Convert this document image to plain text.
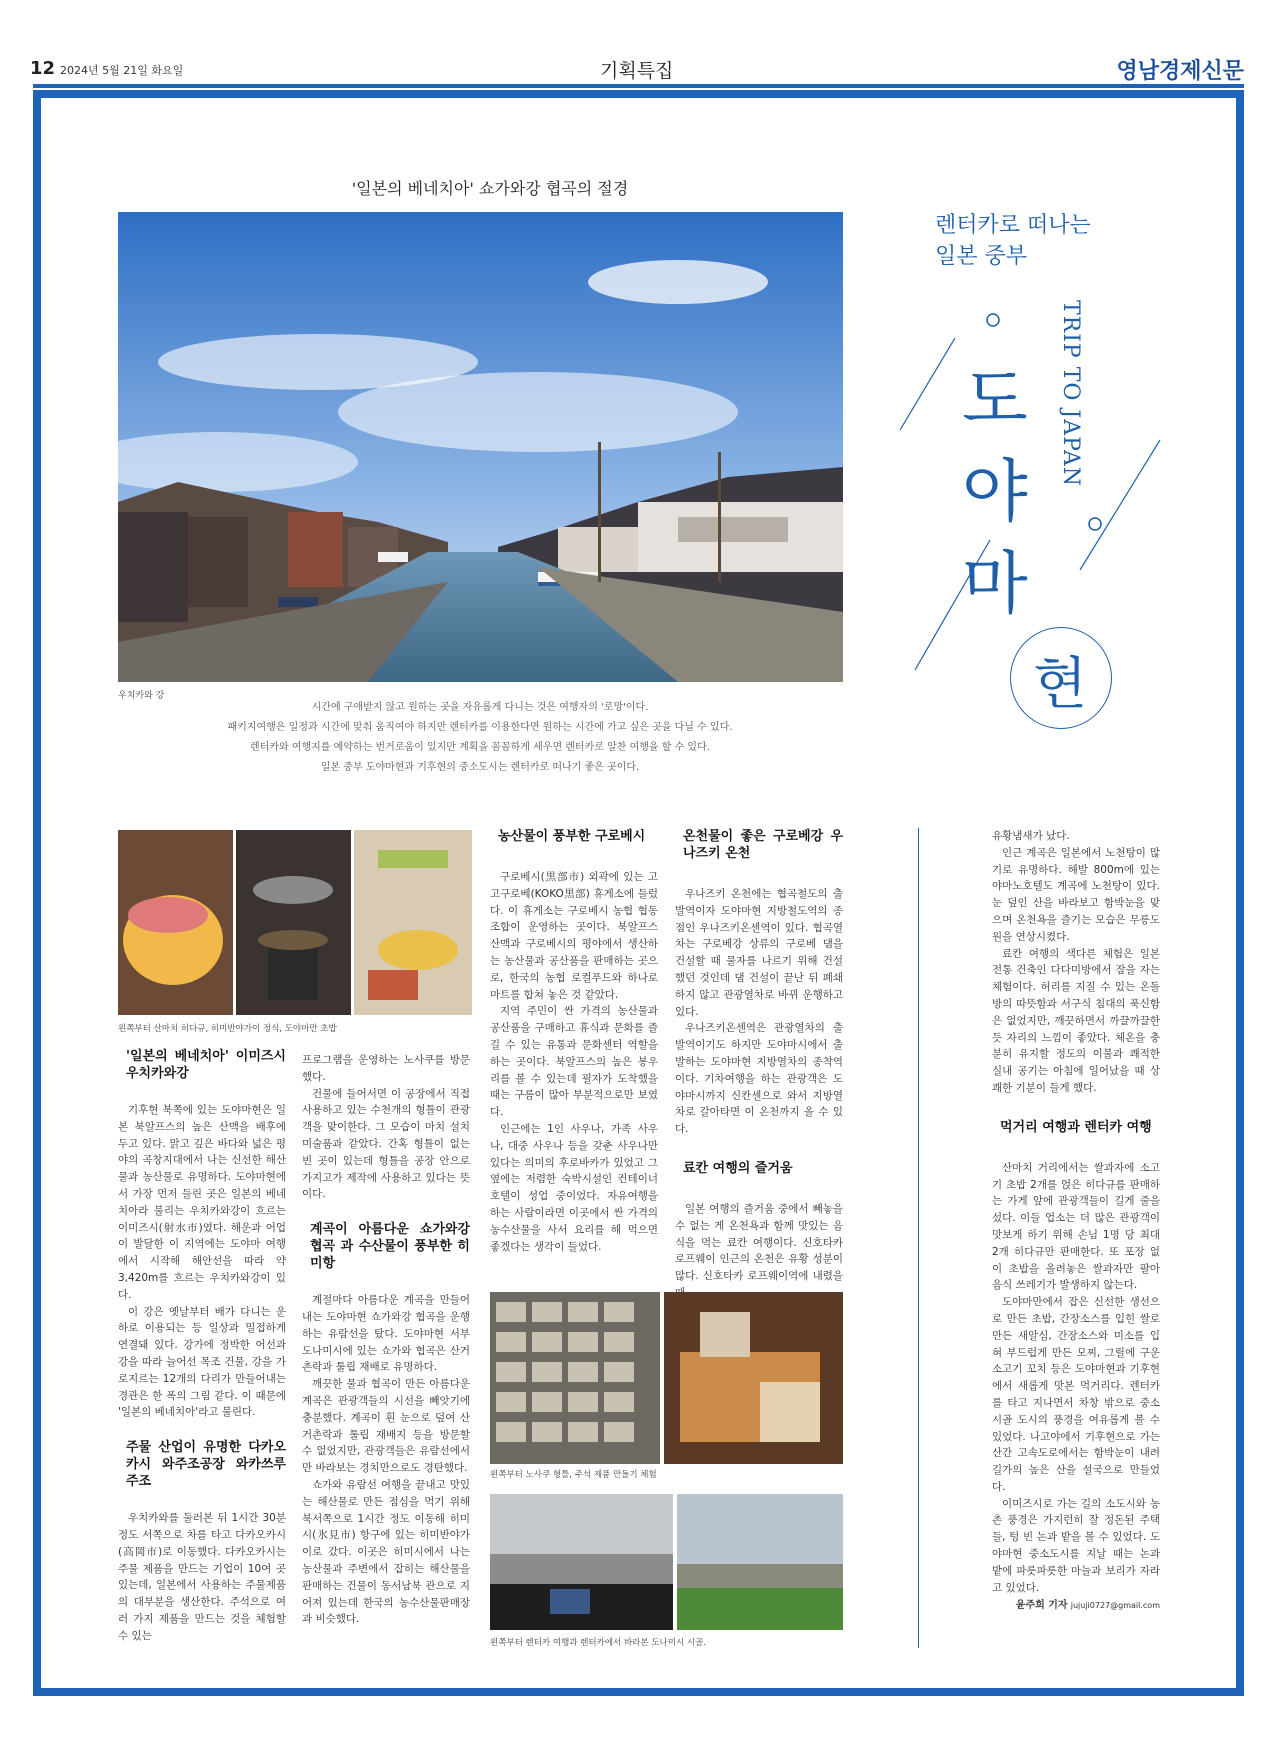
12 2024년 5월 21일 화요일	기획특집	영남경제신문
'일본의 베네치아' 쇼가와강 협곡의 절경
우치카와 강
시간에 구애받지 않고 원하는 곳을 자유롭게 다니는 것은 여행자의 '로망'이다.
패키지여행은 일정과 시간에 맞춰 움직여야 하지만 렌터카를 이용한다면 원하는 시간에 가고 싶은 곳을 다닐 수 있다.
렌터카와 여행지를 예약하는 번거로움이 있지만 계획을 꼼꼼하게 세우면 렌터카로 알찬 여행을 할 수 있다.
일본 중부 도야마현과 기후현의 중소도시는 렌터카로 떠나기 좋은 곳이다.
렌터카로 떠나는
일본 중부
도
야
마
TRIP TO JAPAN
현
왼쪽부터 산마치 히다규, 히미반야가이 정식, 도야마만 초밥
'일본의 베네치아' 이미즈시 우치카와강

기후현 북쪽에 있는 도야마현은 일본 북알프스의 높은 산맥을 배후에 두고 있다. 맑고 깊은 바다와 넓은 평야의 곡창지대에서 나는 신선한 해산물과 농산물로 유명하다. 도야마현에서 가장 먼저 들린 곳은 일본의 베네치아라 불리는 우치카와강이 흐르는 이미즈시(射水市)였다. 해운과 어업이 발달한 이 지역에는 도야마 여행에서 시작해 해안선을 따라 약 3,420m를 흐르는 우치카와강이 있다.

이 강은 옛날부터 배가 다니는 운하로 이용되는 등 일상과 밀접하게 연결돼 있다. 강가에 정박한 어선과 강을 따라 늘어선 목조 건물, 강을 가로지르는 12개의 다리가 만들어내는 경관은 한 폭의 그림 같다. 이 때문에 '일본의 베네치아'라고 불린다.

주물 산업이 유명한 다카오카시 와주조공장 와카쓰루 주조

우치카와를 둘러본 뒤 1시간 30분 정도 서쪽으로 차를 타고 다카오카시(高岡市)로 이동했다. 다카오카시는 주물 제품을 만드는 기업이 10여 곳 있는데, 일본에서 사용하는 주물제품의 대부분을 생산한다. 주석으로 여러 가지 제품을 만드는 것을 체험할 수 있는

프로그램을 운영하는 노사쿠를 방문했다.

건물에 들어서면 이 공장에서 직접 사용하고 있는 수천개의 형틀이 관광객을 맞이한다. 그 모습이 마치 설치미술품과 같았다. 간혹 형틀이 없는 빈 곳이 있는데 형틀을 공장 안으로 가지고가 제작에 사용하고 있다는 뜻이다.

계곡이 아름다운 쇼가와강 협곡 과 수산물이 풍부한 히미항

계절마다 아름다운 계곡을 만들어 내는 도야마현 쇼가와강 협곡을 운행하는 유람선을 탔다. 도야마현 서부 도나미시에 있는 쇼가와 협곡은 산거촌락과 툴립 재배로 유명하다.

깨끗한 물과 협곡이 만든 아름다운 계곡은 관광객들의 시선을 빼앗기에 충분했다. 계곡이 흰 눈으로 덮여 산거촌락과 툴립 재배지 등을 방문할 수 없었지만, 관광객들은 유람선에서만 바라보는 경치만으로도 경탄했다.

쇼가와 유람선 여행을 끝내고 맛있는 해산물로 만든 점심을 먹기 위해 북서쪽으로 1시간 정도 이동해 히미시(氷見市) 항구에 있는 히미반야가이로 갔다. 이곳은 히미시에서 나는 농산물과 주변에서 잡히는 해산물을 판매하는 건물이 동서남북 관으로 지어져 있는데 한국의 농수산물판매장과 비슷했다.

농산물이 풍부한 구로베시

구로베시(黒部市) 외곽에 있는 고고구로베(KOKO黒部) 휴게소에 들렀다. 이 휴게소는 구로베시 농협 협동조합이 운영하는 곳이다. 북알프스 산맥과 구로베시의 평야에서 생산하는 농산물과 공산품을 판매하는 곳으로, 한국의 농협 로컬푸드와 하나로마트를 합쳐 놓은 것 같았다.

지역 주민이 싼 가격의 농산물과 공산품을 구매하고 휴식과 문화를 즐길 수 있는 유통과 문화센터 역할을 하는 곳이다. 북알프스의 높은 봉우리를 볼 수 있는데 필자가 도착했을 때는 구름이 많아 부분적으로만 보였다.

인근에는 1인 사우나, 가족 사우나, 대중 사우나 등을 갖춘 사우나만 있다는 의미의 후로바카가 있었고 그 옆에는 저렴한 숙박시설인 컨테이너 호텔이 성업 중이었다. 자유여행을 하는 사람이라면 이곳에서 싼 가격의 농수산물을 사서 요리를 해 먹으면 좋겠다는 생각이 들었다.

온천물이 좋은 구로베강 우나즈키 온천

우나즈키 온천에는 협곡철도의 출발역이자 도야마현 지방철도역의 종점인 우나즈키온센역이 있다. 협곡열차는 구로베강 상류의 구로베 댐을 건설할 때 물자를 나르기 위해 건설했던 것인데 댐 건설이 끝난 뒤 폐쇄하지 않고 관광열차로 바뀌 운행하고 있다.

우나즈키온센역은 관광열차의 출발역이기도 하지만 도야마시에서 출발하는 도야마현 지방열차의 종착역이다. 기차여행을 하는 관광객은 도야마시까지 신칸센으로 와서 지방열차로 갈아타면 이 온천까지 올 수 있다.

료칸 여행의 즐거움

일본 여행의 즐거움 중에서 빼놓을 수 없는 게 온천욕과 함께 맛있는 음식을 먹는 료칸 여행이다. 신호타카 로프웨이 인근의 온천은 유황 성분이 많다. 신호타카 로프웨이역에 내렸을

왼쪽부터 노사쿠 형틀, 주석 제품 만들기 체험
왼쪽부터 렌터카 여행과 렌터카에서 바라본 도나미시 시골.

유황냄새가 났다.

인근 계곡은 일본에서 노천탕이 많기로 유명하다. 해발 800m에 있는 야마노호텔도 계곡에 노천탕이 있다. 눈 덮인 산을 바라보고 함박눈을 맞으며 온천욕을 즐기는 모습은 무릉도원을 연상시켰다.

료칸 여행의 색다른 체험은 일본 전통 건축인 다다미방에서 잠을 자는 체험이다. 허리를 지질 수 있는 온돌방의 따뜻함과 서구식 침대의 푹신함은 없었지만, 깨끗하면서 까끌까끌한 듯 자리의 느낌이 좋았다. 체온을 충분히 유지할 정도의 이불과 쾌적한 실내 공기는 아침에 일어났을 때 상쾌한 기분이 들게 했다.

먹거리 여행과 렌터카 여행

산마치 거리에서는 쌀과자에 소고기 초밥 2개를 얹은 히다규를 판매하는 가게 앞에 관광객들이 길게 줄을 섰다. 이들 업소는 더 많은 관광객이 맛보게 하기 위해 손님 1명 당 최대 2개 히다규만 판매한다. 또 포장 없이 초밥을 올려놓은 쌀과자만 팔아 음식 쓰레기가 발생하지 않는다.

도야마만에서 잡은 신선한 생선으로 만든 초밥, 간장소스를 입힌 쌀로 만든 새알심, 간장소스와 미소를 입혀 부드럽게 만든 모찌, 그릴에 구운 소고기 꼬치 등은 도야마현과 기후현에서 새롭게 맛본 먹거리다. 렌터카를 타고 지나면서 차창 밖으로 중소시골 도시의 풍경을 여유롭게 볼 수 있었다. 나고야에서 기후현으로 가는 산간 고속도로에서는 함박눈이 내려 길가의 높은 산을 설국으로 만들었다.

이미즈시로 가는 길의 소도시와 농촌 풍경은 가지런히 잘 정돈된 주택들, 텅 빈 논과 밭을 볼 수 있었다. 도야마현 중소도시를 지날 때는 논과 밭에 파릇파릇한 마늘과 보리가 자라고 있었다.

윤주희 기자 jujuji0727@gmail.com
